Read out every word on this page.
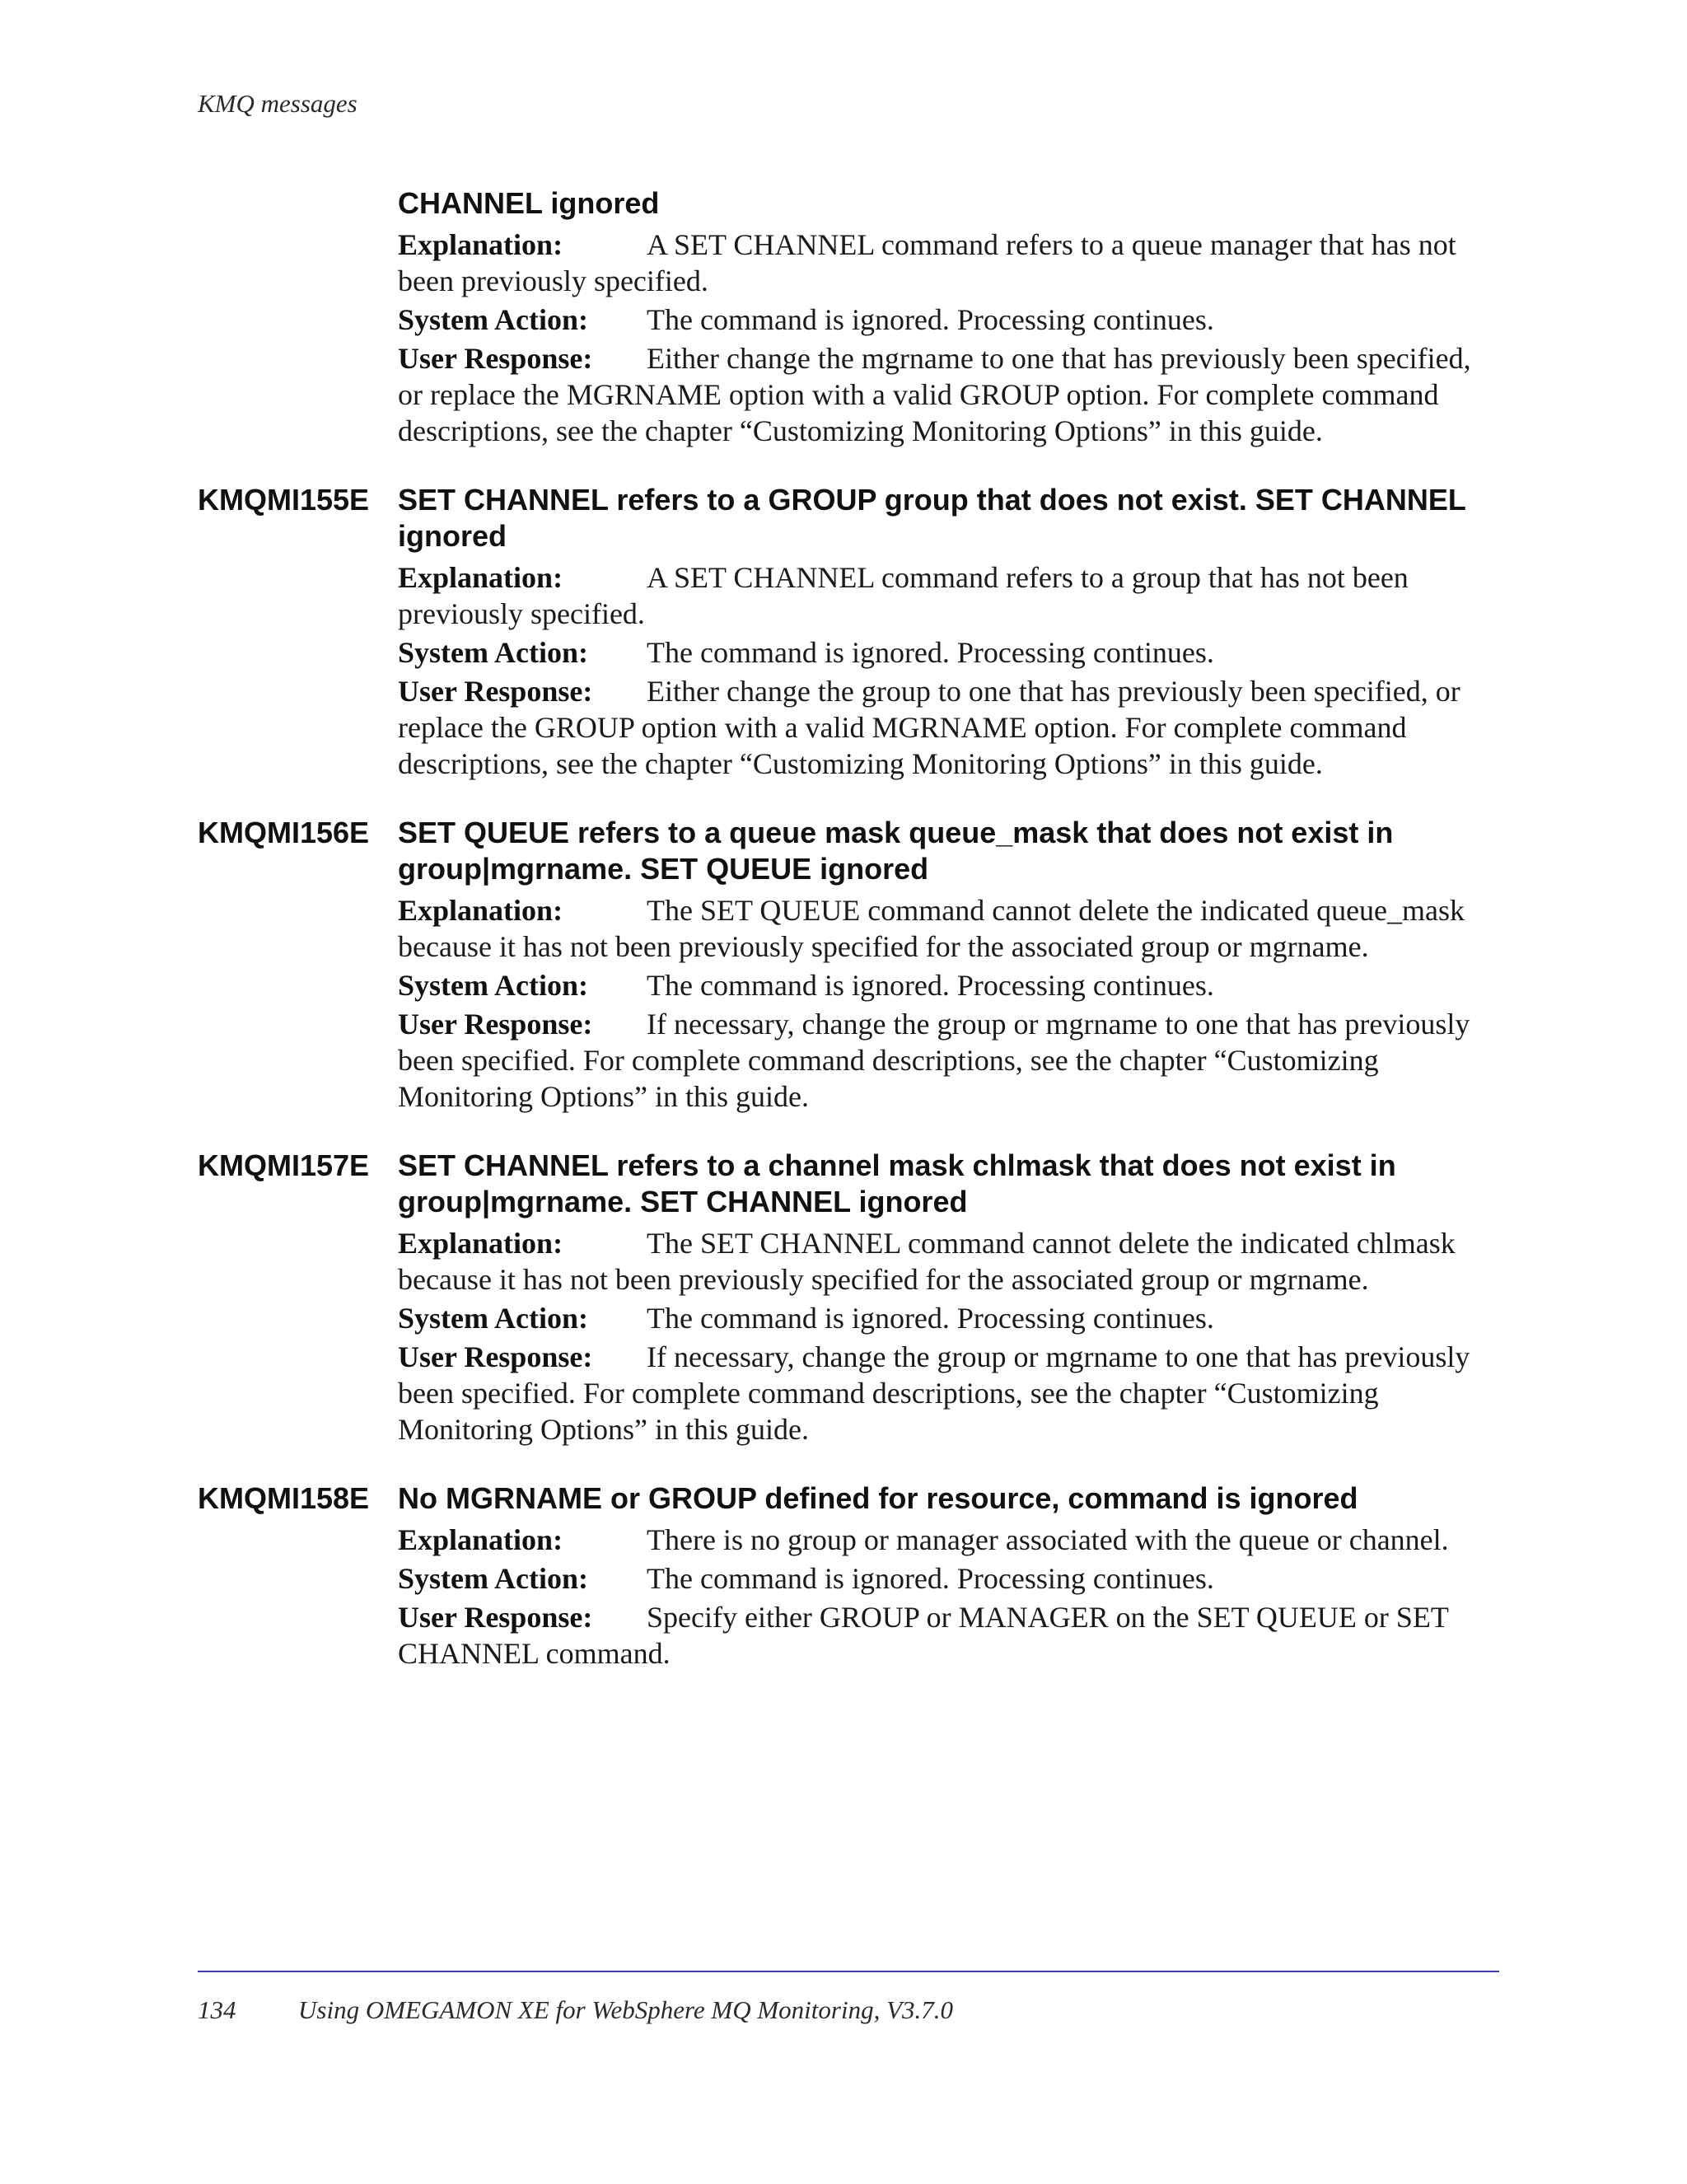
KMQ messages
CHANNEL ignored
Explanation:	A SET CHANNEL command refers to a queue manager that has not been previously specified.
System Action: The command is ignored. Processing continues.
User Response: Either change the mgrname to one that has previously been specified, or replace the MGRNAME option with a valid GROUP option. For complete command descriptions, see the chapter “Customizing Monitoring Options” in this guide.
KMQMI155E SET CHANNEL refers to a GROUP group that does not exist. SET CHANNEL ignored
Explanation:	A SET CHANNEL command refers to a group that has not been previously specified.
System Action: The command is ignored. Processing continues.
User Response: Either change the group to one that has previously been specified, or replace the GROUP option with a valid MGRNAME option. For complete command descriptions, see the chapter “Customizing Monitoring Options” in this guide.
KMQMI156E SET QUEUE refers to a queue mask queue_mask that does not exist in group|mgrname. SET QUEUE ignored
Explanation:	The SET QUEUE command cannot delete the indicated queue_mask because it has not been previously specified for the associated group or mgrname.
System Action: The command is ignored. Processing continues.
User Response: If necessary, change the group or mgrname to one that has previously been specified. For complete command descriptions, see the chapter “Customizing Monitoring Options” in this guide.
KMQMI157E SET CHANNEL refers to a channel mask chlmask that does not exist in group|mgrname. SET CHANNEL ignored
Explanation:	The SET CHANNEL command cannot delete the indicated chlmask because it has not been previously specified for the associated group or mgrname.
System Action: The command is ignored. Processing continues.
User Response: If necessary, change the group or mgrname to one that has previously been specified. For complete command descriptions, see the chapter “Customizing Monitoring Options” in this guide.
KMQMI158E No MGRNAME or GROUP defined for resource, command is ignored
Explanation:	There is no group or manager associated with the queue or channel.
System Action: The command is ignored. Processing continues.
User Response: Specify either GROUP or MANAGER on the SET QUEUE or SET CHANNEL command.
134 Using OMEGAMON XE for WebSphere MQ Monitoring, V3.7.0
